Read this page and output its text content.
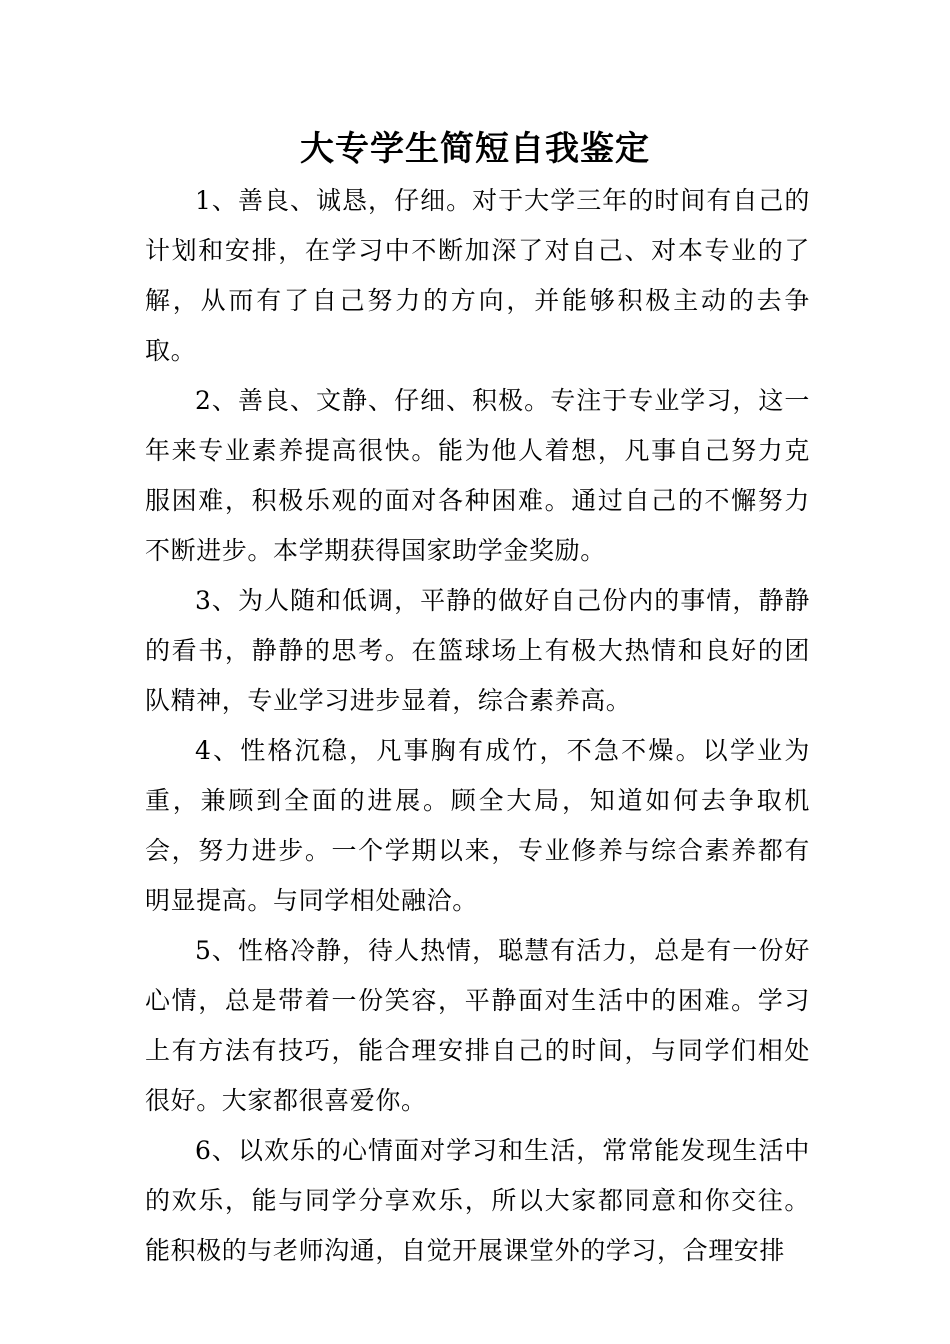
大专学生简短自我鉴定

1、善良、诚恳，仔细。对于大学三年的时间有自己的计划和安排，在学习中不断加深了对自己、对本专业的了解，从而有了自己努力的方向，并能够积极主动的去争取。

2、善良、文静、仔细、积极。专注于专业学习，这一年来专业素养提高很快。能为他人着想，凡事自己努力克服困难，积极乐观的面对各种困难。通过自己的不懈努力不断进步。本学期获得国家助学金奖励。

3、为人随和低调，平静的做好自己份内的事情，静静的看书，静静的思考。在篮球场上有极大热情和良好的团队精神，专业学习进步显着，综合素养高。

4、性格沉稳，凡事胸有成竹，不急不燥。以学业为重，兼顾到全面的进展。顾全大局，知道如何去争取机会，努力进步。一个学期以来，专业修养与综合素养都有明显提高。与同学相处融洽。

5、性格冷静，待人热情，聪慧有活力，总是有一份好心情，总是带着一份笑容，平静面对生活中的困难。学习上有方法有技巧，能合理安排自己的时间，与同学们相处很好。大家都很喜爱你。

6、以欢乐的心情面对学习和生活，常常能发现生活中的欢乐，能与同学分享欢乐，所以大家都同意和你交往。能积极的与老师沟通，自觉开展课堂外的学习，合理安排
